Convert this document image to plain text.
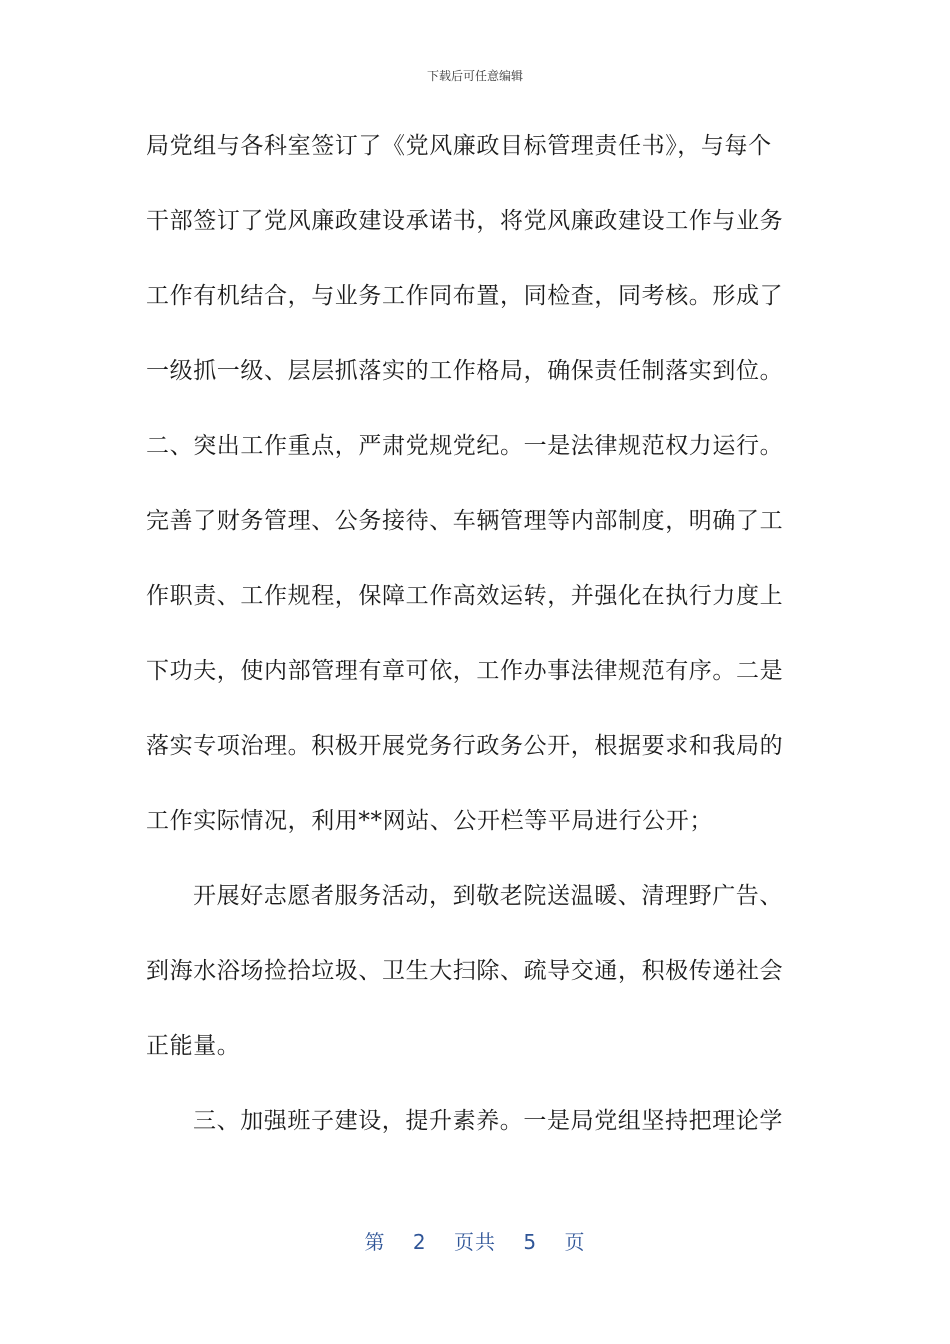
下载后可任意编辑
局党组与各科室签订了《党风廉政目标管理责任书》，与每个
干部签订了党风廉政建设承诺书，将党风廉政建设工作与业务
工作有机结合，与业务工作同布置，同检查，同考核。形成了
一级抓一级、层层抓落实的工作格局，确保责任制落实到位。
二、突出工作重点，严肃党规党纪。一是法律规范权力运行。
完善了财务管理、公务接待、车辆管理等内部制度，明确了工
作职责、工作规程，保障工作高效运转，并强化在执行力度上
下功夫，使内部管理有章可依，工作办事法律规范有序。二是
落实专项治理。积极开展党务行政务公开，根据要求和我局的
工作实际情况，利用**网站、公开栏等平局进行公开；
开展好志愿者服务活动，到敬老院送温暖、清理野广告、
到海水浴场捡拾垃圾、卫生大扫除、疏导交通，积极传递社会
正能量。
三、加强班子建设，提升素养。一是局党组坚持把理论学
第 2 页共 5 页
